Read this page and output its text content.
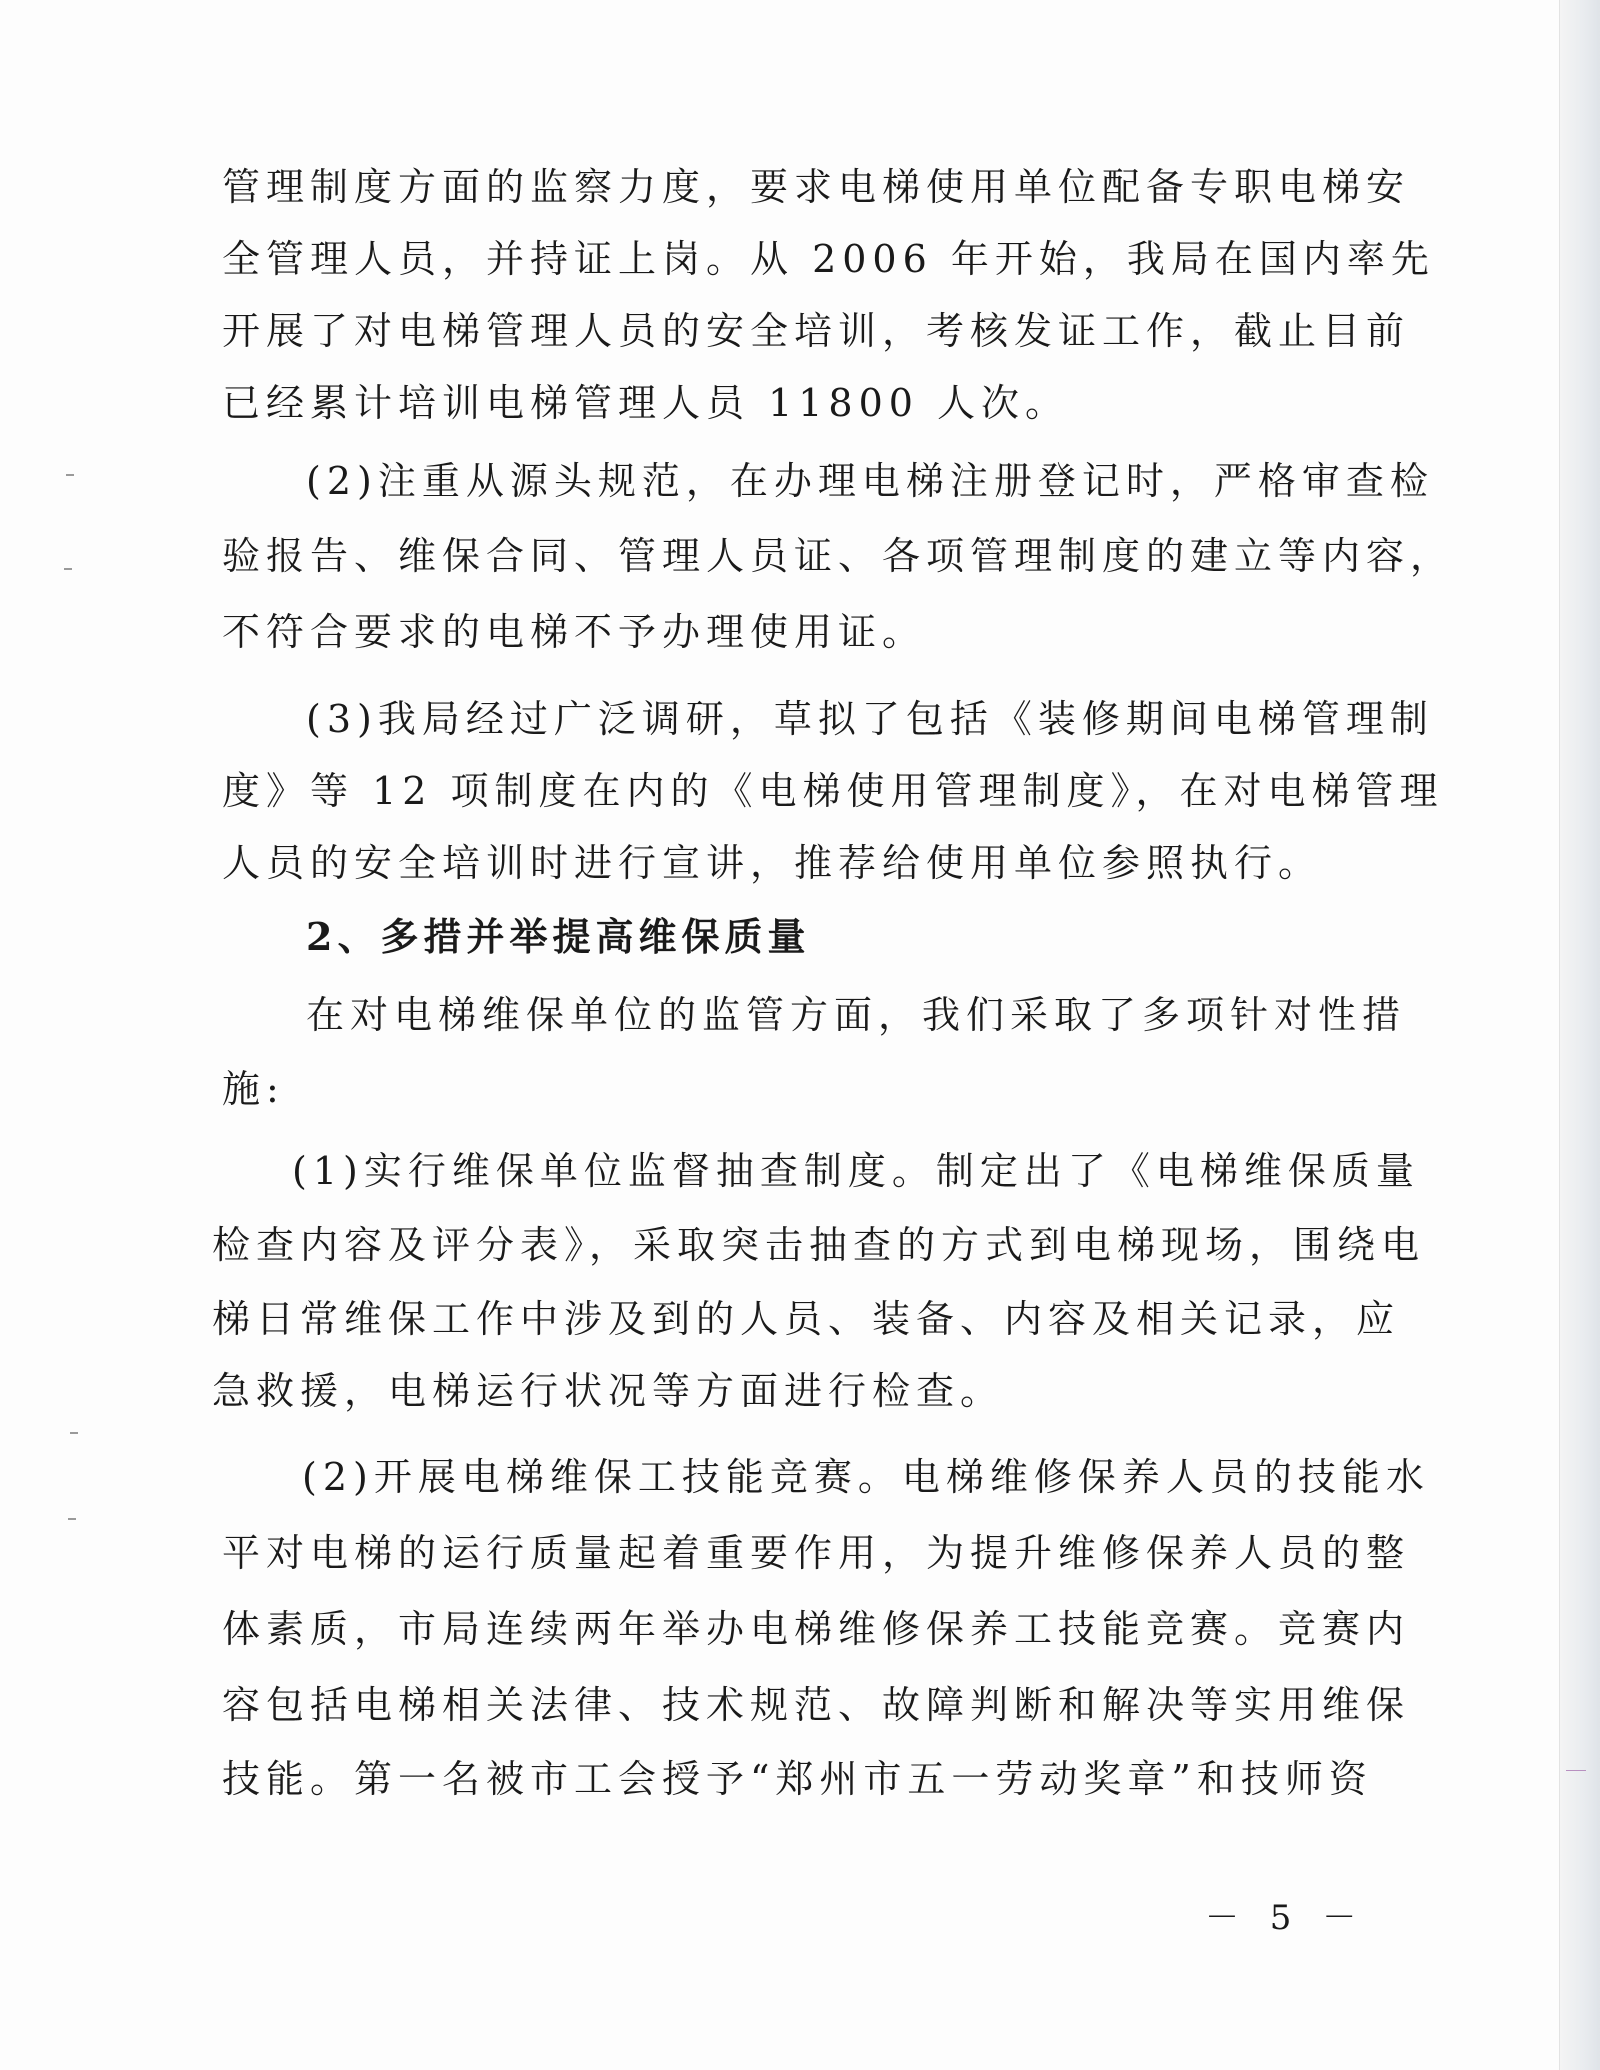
管理制度方面的监察力度，要求电梯使用单位配备专职电梯安
全管理人员，并持证上岗。从 2006 年开始，我局在国内率先
开展了对电梯管理人员的安全培训，考核发证工作，截止目前
已经累计培训电梯管理人员 11800 人次。
(2)注重从源头规范，在办理电梯注册登记时，严格审查检
验报告、维保合同、管理人员证、各项管理制度的建立等内容，
不符合要求的电梯不予办理使用证。
(3)我局经过广泛调研，草拟了包括《装修期间电梯管理制
度》等 12 项制度在内的《电梯使用管理制度》，在对电梯管理
人员的安全培训时进行宣讲，推荐给使用单位参照执行。
2、多措并举提高维保质量
在对电梯维保单位的监管方面，我们采取了多项针对性措
施:
(1)实行维保单位监督抽查制度。制定出了《电梯维保质量
检查内容及评分表》，采取突击抽查的方式到电梯现场，围绕电
梯日常维保工作中涉及到的人员、装备、内容及相关记录，应
急救援，电梯运行状况等方面进行检查。
(2)开展电梯维保工技能竞赛。电梯维修保养人员的技能水
平对电梯的运行质量起着重要作用，为提升维修保养人员的整
体素质，市局连续两年举办电梯维修保养工技能竞赛。竞赛内
容包括电梯相关法律、技术规范、故障判断和解决等实用维保
技能。第一名被市工会授予“郑州市五一劳动奖章”和技师资
－ 5 －
